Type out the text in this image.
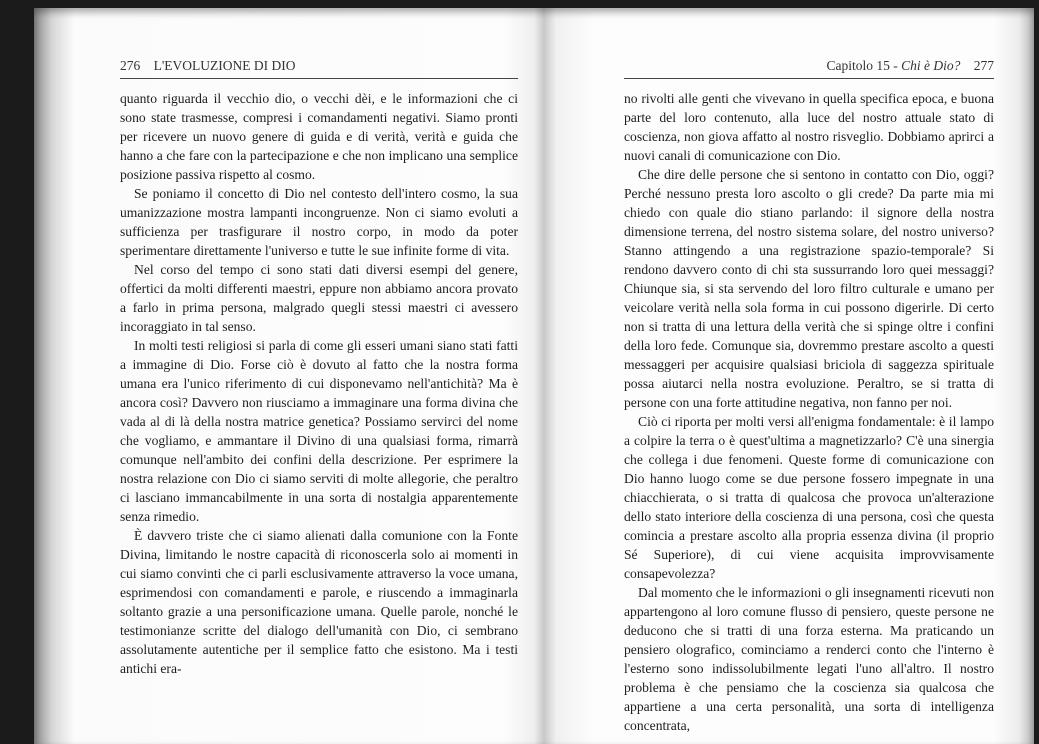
276 L'EVOLUZIONE DI DIO

quanto riguarda il vecchio dio, o vecchi dèi, e le informazioni che ci sono state trasmesse, compresi i comandamenti negativi. Siamo pronti per ricevere un nuovo genere di guida e di verità, verità e guida che hanno a che fare con la partecipazione e che non implicano una semplice posizione passiva rispetto al cosmo.

Se poniamo il concetto di Dio nel contesto dell'intero cosmo, la sua umanizzazione mostra lampanti incongruenze. Non ci siamo evoluti a sufficienza per trasfigurare il nostro corpo, in modo da poter sperimentare direttamente l'universo e tutte le sue infinite forme di vita.

Nel corso del tempo ci sono stati dati diversi esempi del genere, offertici da molti differenti maestri, eppure non abbiamo ancora provato a farlo in prima persona, malgrado quegli stessi maestri ci avessero incoraggiato in tal senso.

In molti testi religiosi si parla di come gli esseri umani siano stati fatti a immagine di Dio. Forse ciò è dovuto al fatto che la nostra forma umana era l'unico riferimento di cui disponevamo nell'antichità? Ma è ancora così? Davvero non riusciamo a immaginare una forma divina che vada al di là della nostra matrice genetica? Possiamo servirci del nome che vogliamo, e ammantare il Divino di una qualsiasi forma, rimarrà comunque nell'ambito dei confini della descrizione. Per esprimere la nostra relazione con Dio ci siamo serviti di molte allegorie, che peraltro ci lasciano immancabilmente in una sorta di nostalgia apparentemente senza rimedio.

È davvero triste che ci siamo alienati dalla comunione con la Fonte Divina, limitando le nostre capacità di riconoscerla solo ai momenti in cui siamo convinti che ci parli esclusivamente attraverso la voce umana, esprimendosi con comandamenti e parole, e riuscendo a immaginarla soltanto grazie a una personificazione umana. Quelle parole, nonché le testimonianze scritte del dialogo dell'umanità con Dio, ci sembrano assolutamente autentiche per il semplice fatto che esistono. Ma i testi antichi era-

Capitolo 15 - Chi è Dio? 277

no rivolti alle genti che vivevano in quella specifica epoca, e buona parte del loro contenuto, alla luce del nostro attuale stato di coscienza, non giova affatto al nostro risveglio. Dobbiamo aprirci a nuovi canali di comunicazione con Dio.

Che dire delle persone che si sentono in contatto con Dio, oggi? Perché nessuno presta loro ascolto o gli crede? Da parte mia mi chiedo con quale dio stiano parlando: il signore della nostra dimensione terrena, del nostro sistema solare, del nostro universo? Stanno attingendo a una registrazione spazio-temporale? Si rendono davvero conto di chi sta sussurrando loro quei messaggi? Chiunque sia, si sta servendo del loro filtro culturale e umano per veicolare verità nella sola forma in cui possono digerirle. Di certo non si tratta di una lettura della verità che si spinge oltre i confini della loro fede. Comunque sia, dovremmo prestare ascolto a questi messaggeri per acquisire qualsiasi briciola di saggezza spirituale possa aiutarci nella nostra evoluzione. Peraltro, se si tratta di persone con una forte attitudine negativa, non fanno per noi.

Ciò ci riporta per molti versi all'enigma fondamentale: è il lampo a colpire la terra o è quest'ultima a magnetizzarlo? C'è una sinergia che collega i due fenomeni. Queste forme di comunicazione con Dio hanno luogo come se due persone fossero impegnate in una chiacchierata, o si tratta di qualcosa che provoca un'alterazione dello stato interiore della coscienza di una persona, così che questa comincia a prestare ascolto alla propria essenza divina (il proprio Sé Superiore), di cui viene acquisita improvvisamente consapevolezza?

Dal momento che le informazioni o gli insegnamenti ricevuti non appartengono al loro comune flusso di pensiero, queste persone ne deducono che si tratti di una forza esterna. Ma praticando un pensiero olografico, cominciamo a renderci conto che l'interno è l'esterno sono indissolubilmente legati l'uno all'altro. Il nostro problema è che pensiamo che la coscienza sia qualcosa che appartiene a una certa personalità, una sorta di intelligenza concentrata,
